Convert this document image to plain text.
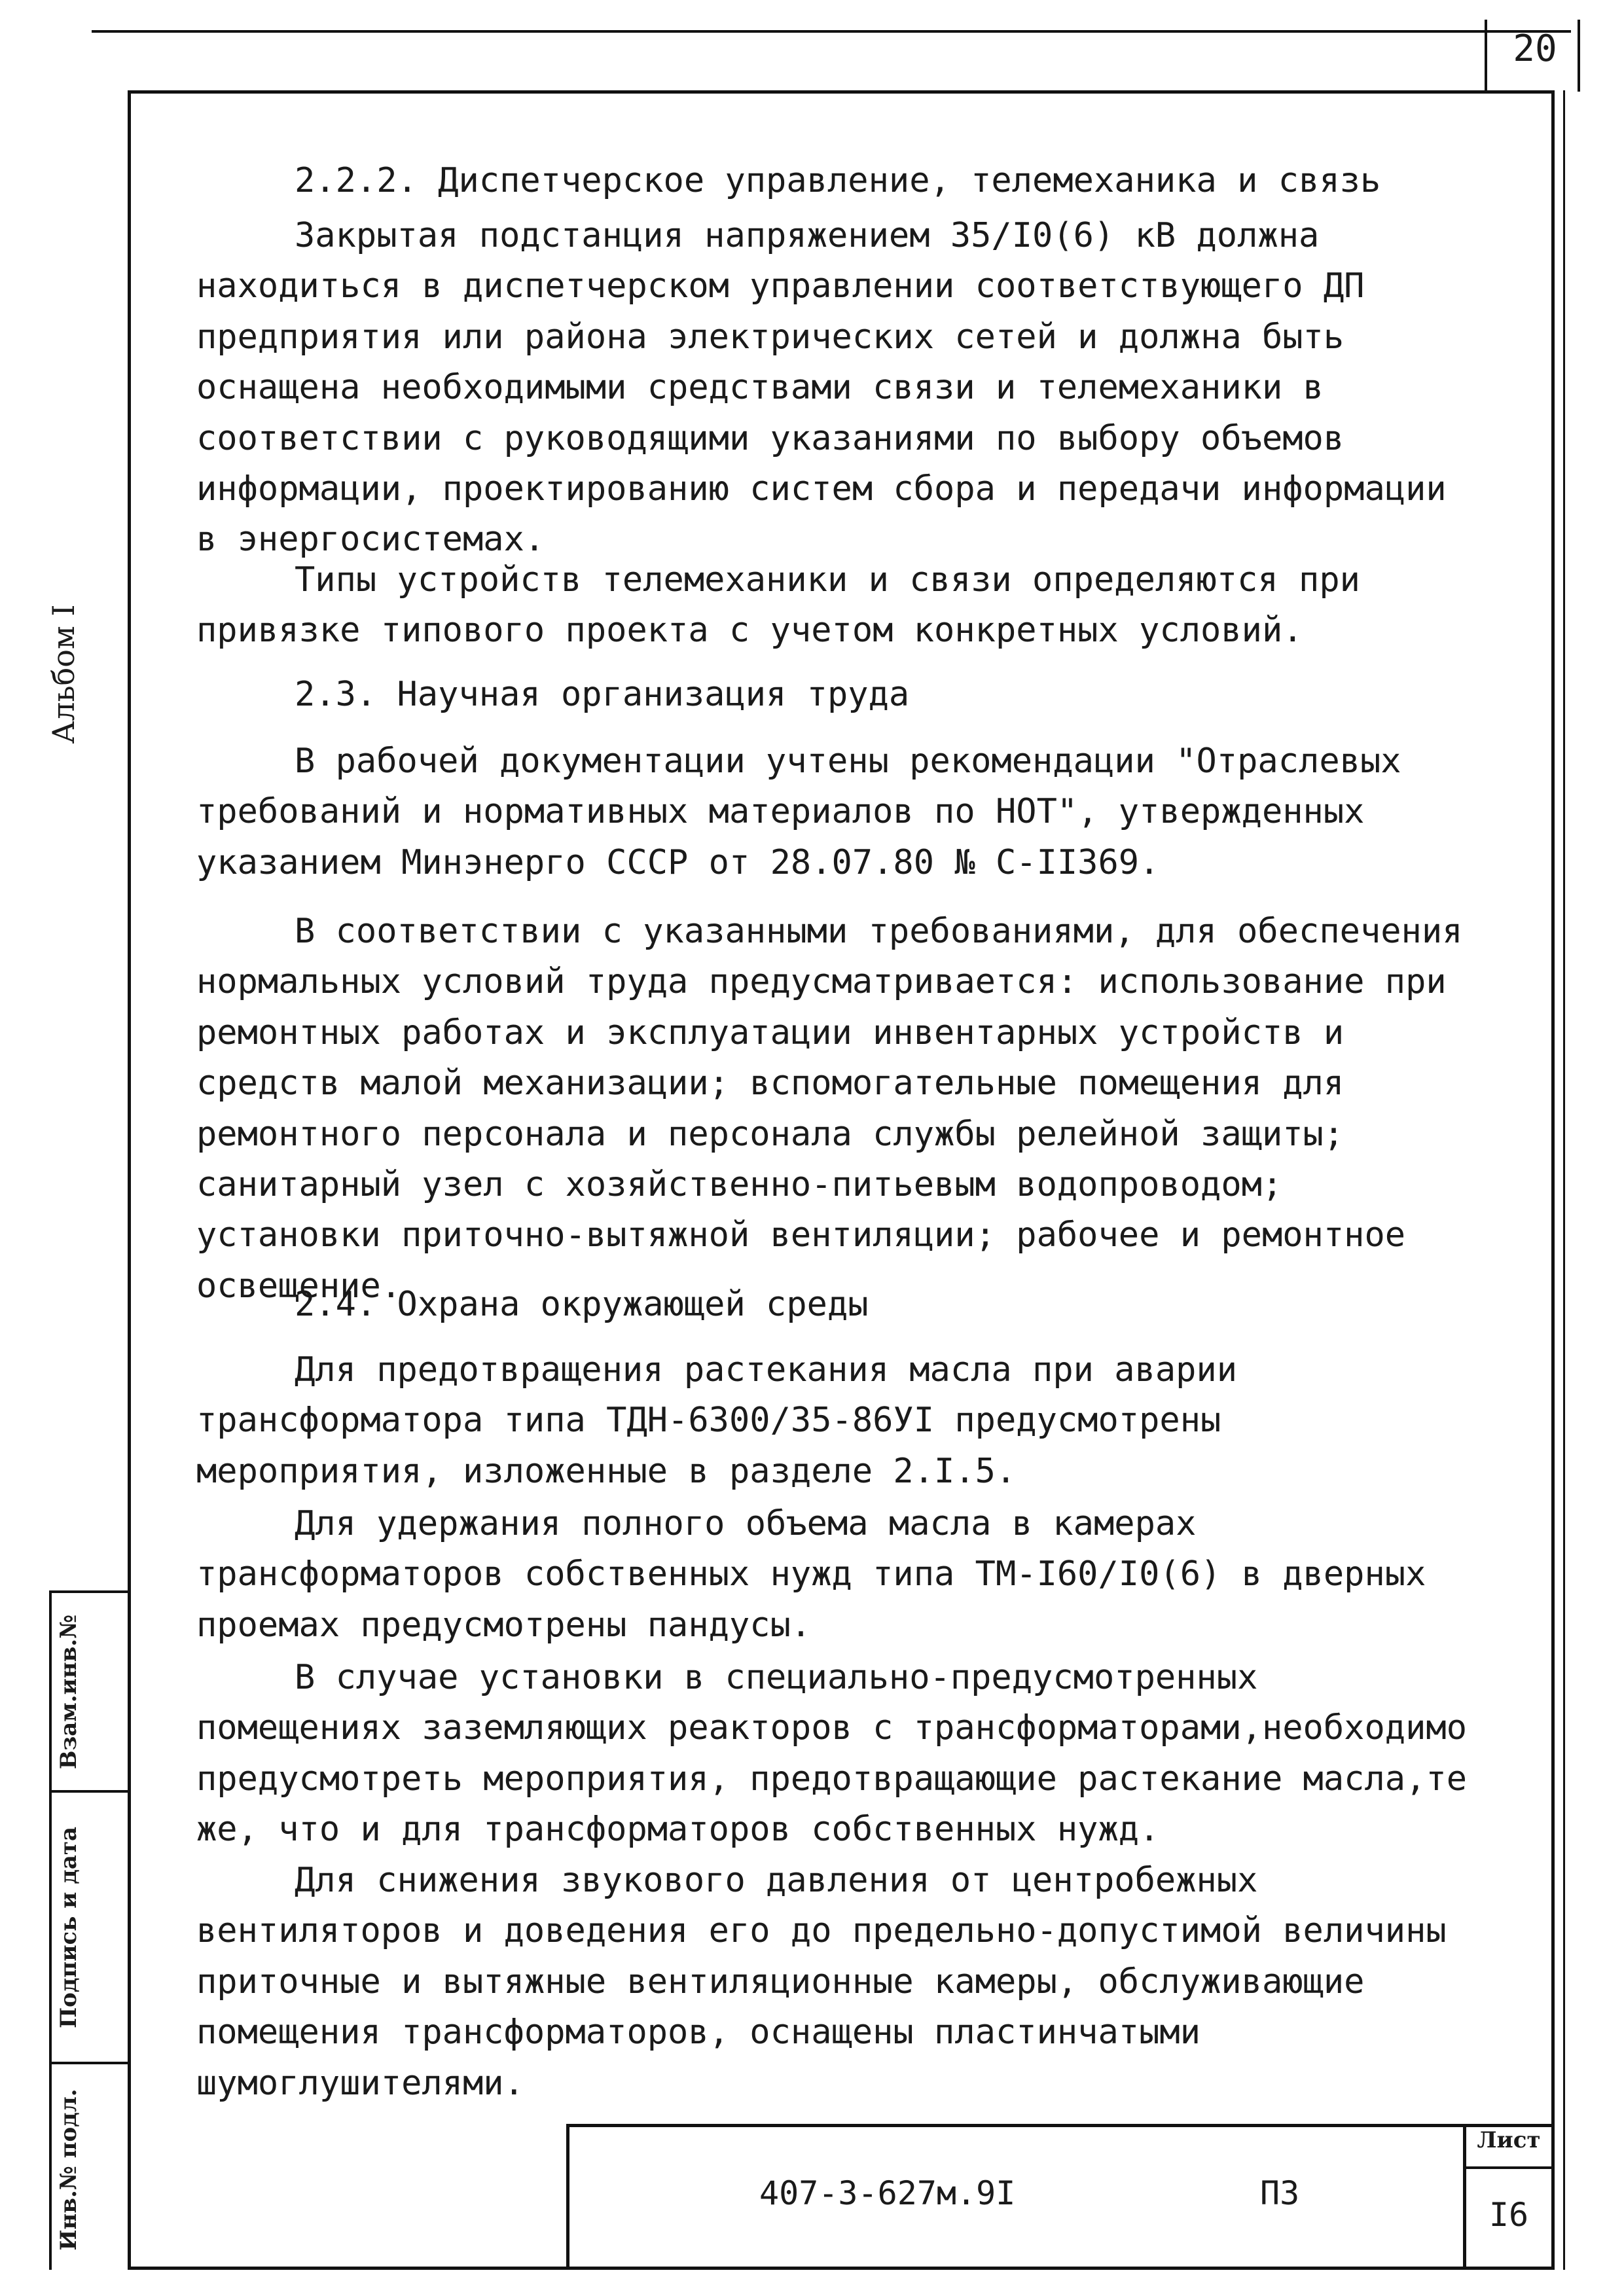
20
Альбом I
Взам.инв.№
Подпись и дата
Инв.№ подл.

2.2.2. Диспетчерское управление, телемеханика и связь

Закрытая подстанция напряжением 35/I0(6) кВ должна находиться в диспетчерском управлении соответствующего ДП предприятия или района электрических сетей и должна быть оснащена необходимыми средствами связи и телемеханики в соответствии с руководящими указаниями по выбору объемов информации, проектированию систем сбора и передачи информации в энергосистемах.

Типы устройств телемеханики и связи определяются при привязке типового проекта с учетом конкретных условий.

2.3. Научная организация труда

В рабочей документации учтены рекомендации "Отраслевых требований и нормативных материалов по НОТ", утвержденных указанием Минэнерго СССР от 28.07.80 № С-II369.

В соответствии с указанными требованиями, для обеспечения нормальных условий труда предусматривается: использование при ремонтных работах и эксплуатации инвентарных устройств и средств малой механизации; вспомогательные помещения для ремонтного персонала и персонала службы релейной защиты; санитарный узел с хозяйственно-питьевым водопроводом; установки приточно-вытяжной вентиляции; рабочее и ремонтное освещение.

2.4. Охрана окружающей среды

Для предотвращения растекания масла при аварии трансформатора типа ТДН-6300/35-86УI предусмотрены мероприятия, изложенные в разделе 2.I.5.

Для удержания полного объема масла в камерах трансформаторов собственных нужд типа ТМ-I60/I0(6) в дверных проемах предусмотрены пандусы.

В случае установки в специально-предусмотренных помещениях заземляющих реакторов с трансформаторами,необходимо предусмотреть мероприятия, предотвращающие растекание масла,те же, что и для трансформаторов собственных нужд.

Для снижения звукового давления от центробежных вентиляторов и доведения его до предельно-допустимой величины приточные и вытяжные вентиляционные камеры, обслуживающие помещения трансформаторов, оснащены пластинчатыми шумоглушителями.

Лист
407-3-627м.9I	ПЗ
I6
